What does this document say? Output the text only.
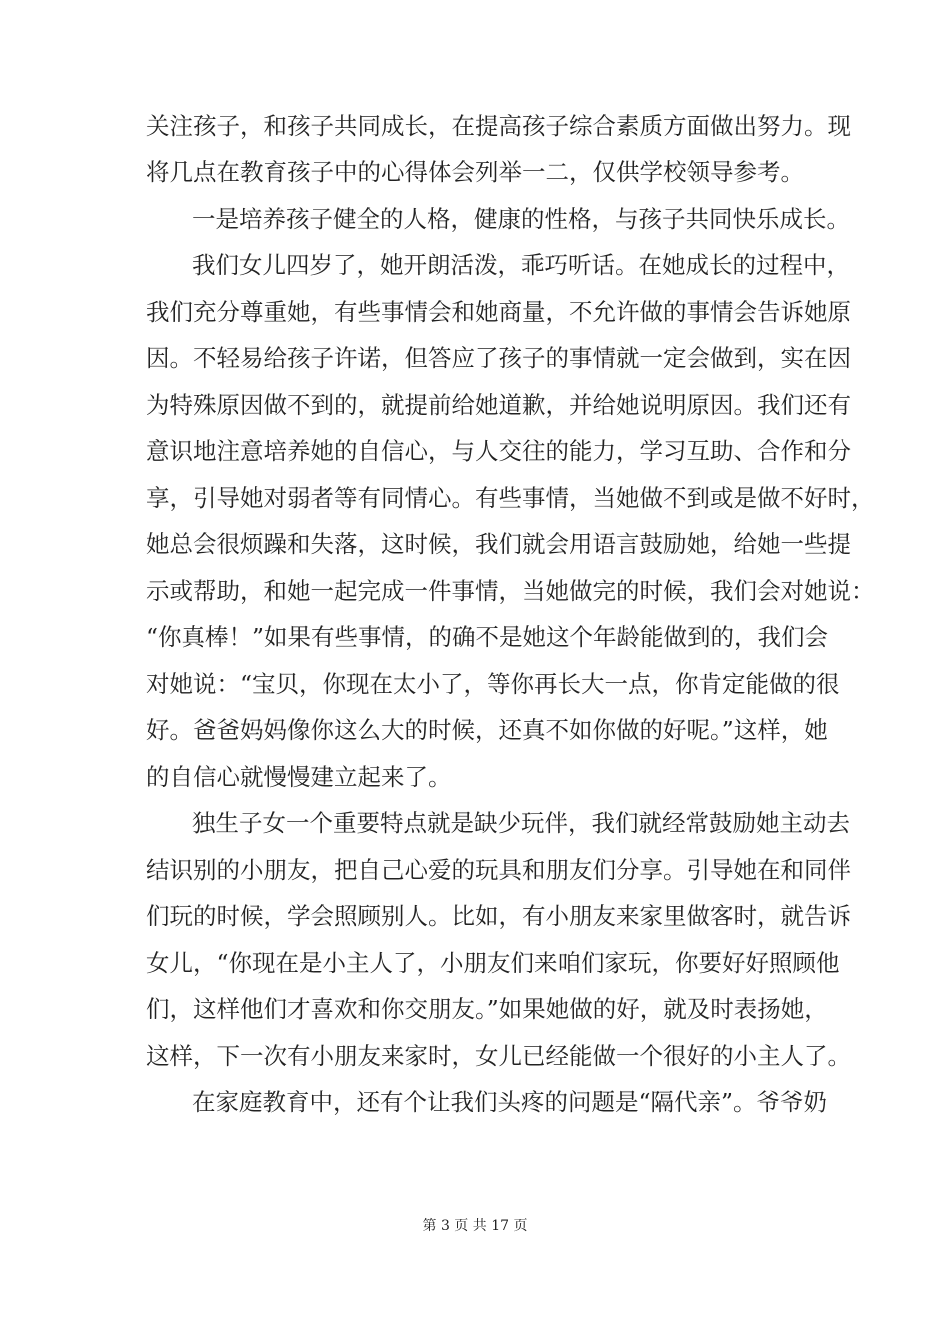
关注孩子，和孩子共同成长，在提高孩子综合素质方面做出努力。现
将几点在教育孩子中的心得体会列举一二，仅供学校领导参考。
一是培养孩子健全的人格，健康的性格，与孩子共同快乐成长。
我们女儿四岁了，她开朗活泼，乖巧听话。在她成长的过程中，
我们充分尊重她，有些事情会和她商量，不允许做的事情会告诉她原
因。不轻易给孩子许诺，但答应了孩子的事情就一定会做到，实在因
为特殊原因做不到的，就提前给她道歉，并给她说明原因。我们还有
意识地注意培养她的自信心，与人交往的能力，学习互助、合作和分
享，引导她对弱者等有同情心。有些事情，当她做不到或是做不好时，
她总会很烦躁和失落，这时候，我们就会用语言鼓励她，给她一些提
示或帮助，和她一起完成一件事情，当她做完的时候，我们会对她说：
“你真棒！”如果有些事情，的确不是她这个年龄能做到的，我们会
对她说：“宝贝，你现在太小了，等你再长大一点，你肯定能做的很
好。爸爸妈妈像你这么大的时候，还真不如你做的好呢。”这样，她
的自信心就慢慢建立起来了。
独生子女一个重要特点就是缺少玩伴，我们就经常鼓励她主动去
结识别的小朋友，把自己心爱的玩具和朋友们分享。引导她在和同伴
们玩的时候，学会照顾别人。比如，有小朋友来家里做客时，就告诉
女儿，“你现在是小主人了，小朋友们来咱们家玩，你要好好照顾他
们，这样他们才喜欢和你交朋友。”如果她做的好，就及时表扬她，
这样，下一次有小朋友来家时，女儿已经能做一个很好的小主人了。
在家庭教育中，还有个让我们头疼的问题是“隔代亲”。爷爷奶
第 3 页 共 17 页
